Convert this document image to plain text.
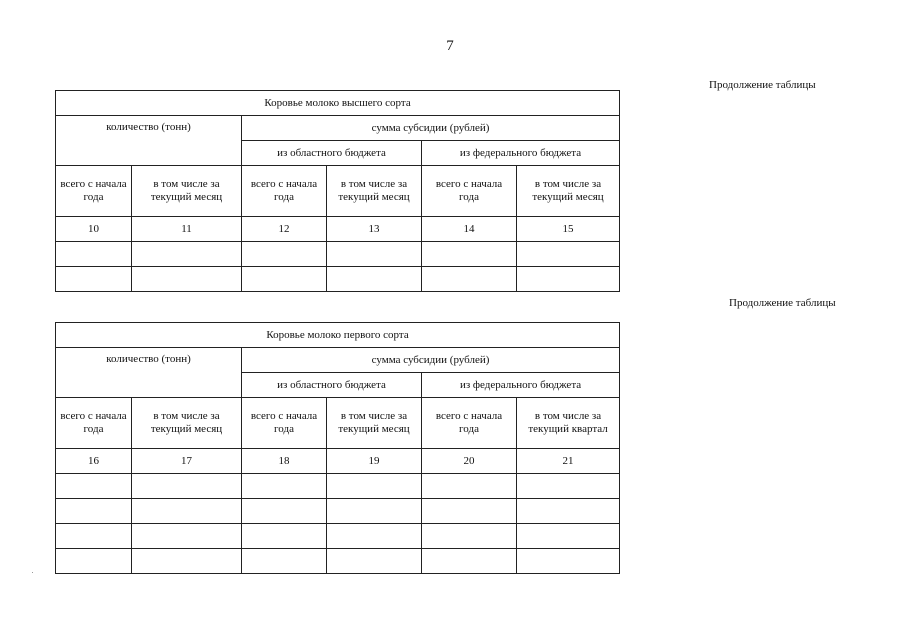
7
Продолжение таблицы
Коровье молоко высшего сорта					
количество (тонн)		сумма субсидии (рублей)			
		из областного бюджета		из федерального бюджета	
всего с начала года	в том числе за текущий месяц	всего с начала года	в том числе за текущий месяц	всего с начала года	в том числе за текущий месяц
10	11	12	13	14	15

Продолжение таблицы
Коровье молоко первого сорта					
количество (тонн)		сумма субсидии (рублей)			
		из областного бюджета		из федерального бюджета	
всего с начала года	в том числе за текущий месяц	всего с начала года	в том числе за текущий месяц	всего с начала года	в том числе за текущий квартал
16	17	18	19	20	21
